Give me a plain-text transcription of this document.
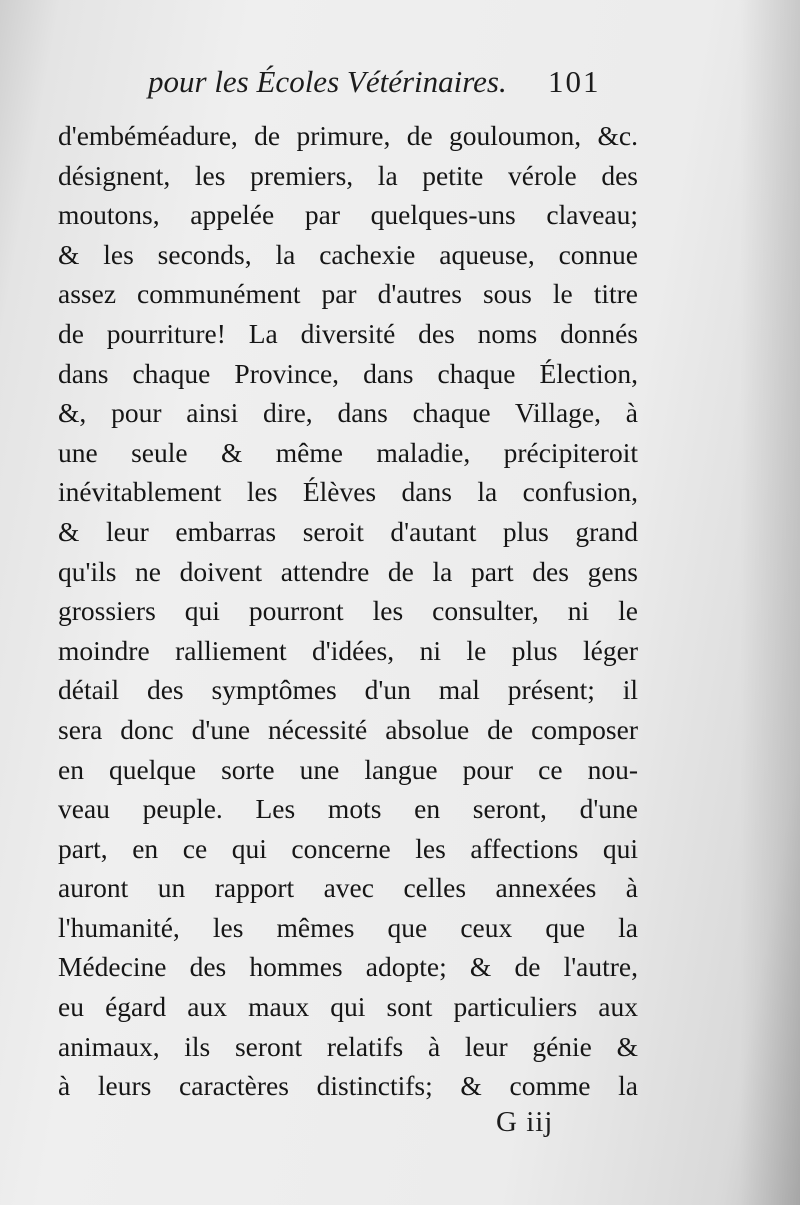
pour les Écoles Vétérinaires. 101
d'embéméadure, de primure, de gouloumon, &c.
désignent, les premiers, la petite vérole des
moutons, appelée par quelques-uns claveau;
& les seconds, la cachexie aqueuse, connue
assez communément par d'autres sous le titre
de pourriture! La diversité des noms donnés
dans chaque Province, dans chaque Élection,
&, pour ainsi dire, dans chaque Village, à
une seule & même maladie, précipiteroit
inévitablement les Élèves dans la confusion,
& leur embarras seroit d'autant plus grand
qu'ils ne doivent attendre de la part des gens
grossiers qui pourront les consulter, ni le
moindre ralliement d'idées, ni le plus léger
détail des symptômes d'un mal présent; il
sera donc d'une nécessité absolue de composer
en quelque sorte une langue pour ce nou-
veau peuple. Les mots en seront, d'une
part, en ce qui concerne les affections qui
auront un rapport avec celles annexées à
l'humanité, les mêmes que ceux que la
Médecine des hommes adopte; & de l'autre,
eu égard aux maux qui sont particuliers aux
animaux, ils seront relatifs à leur génie &
à leurs caractères distinctifs; & comme la
G iij
